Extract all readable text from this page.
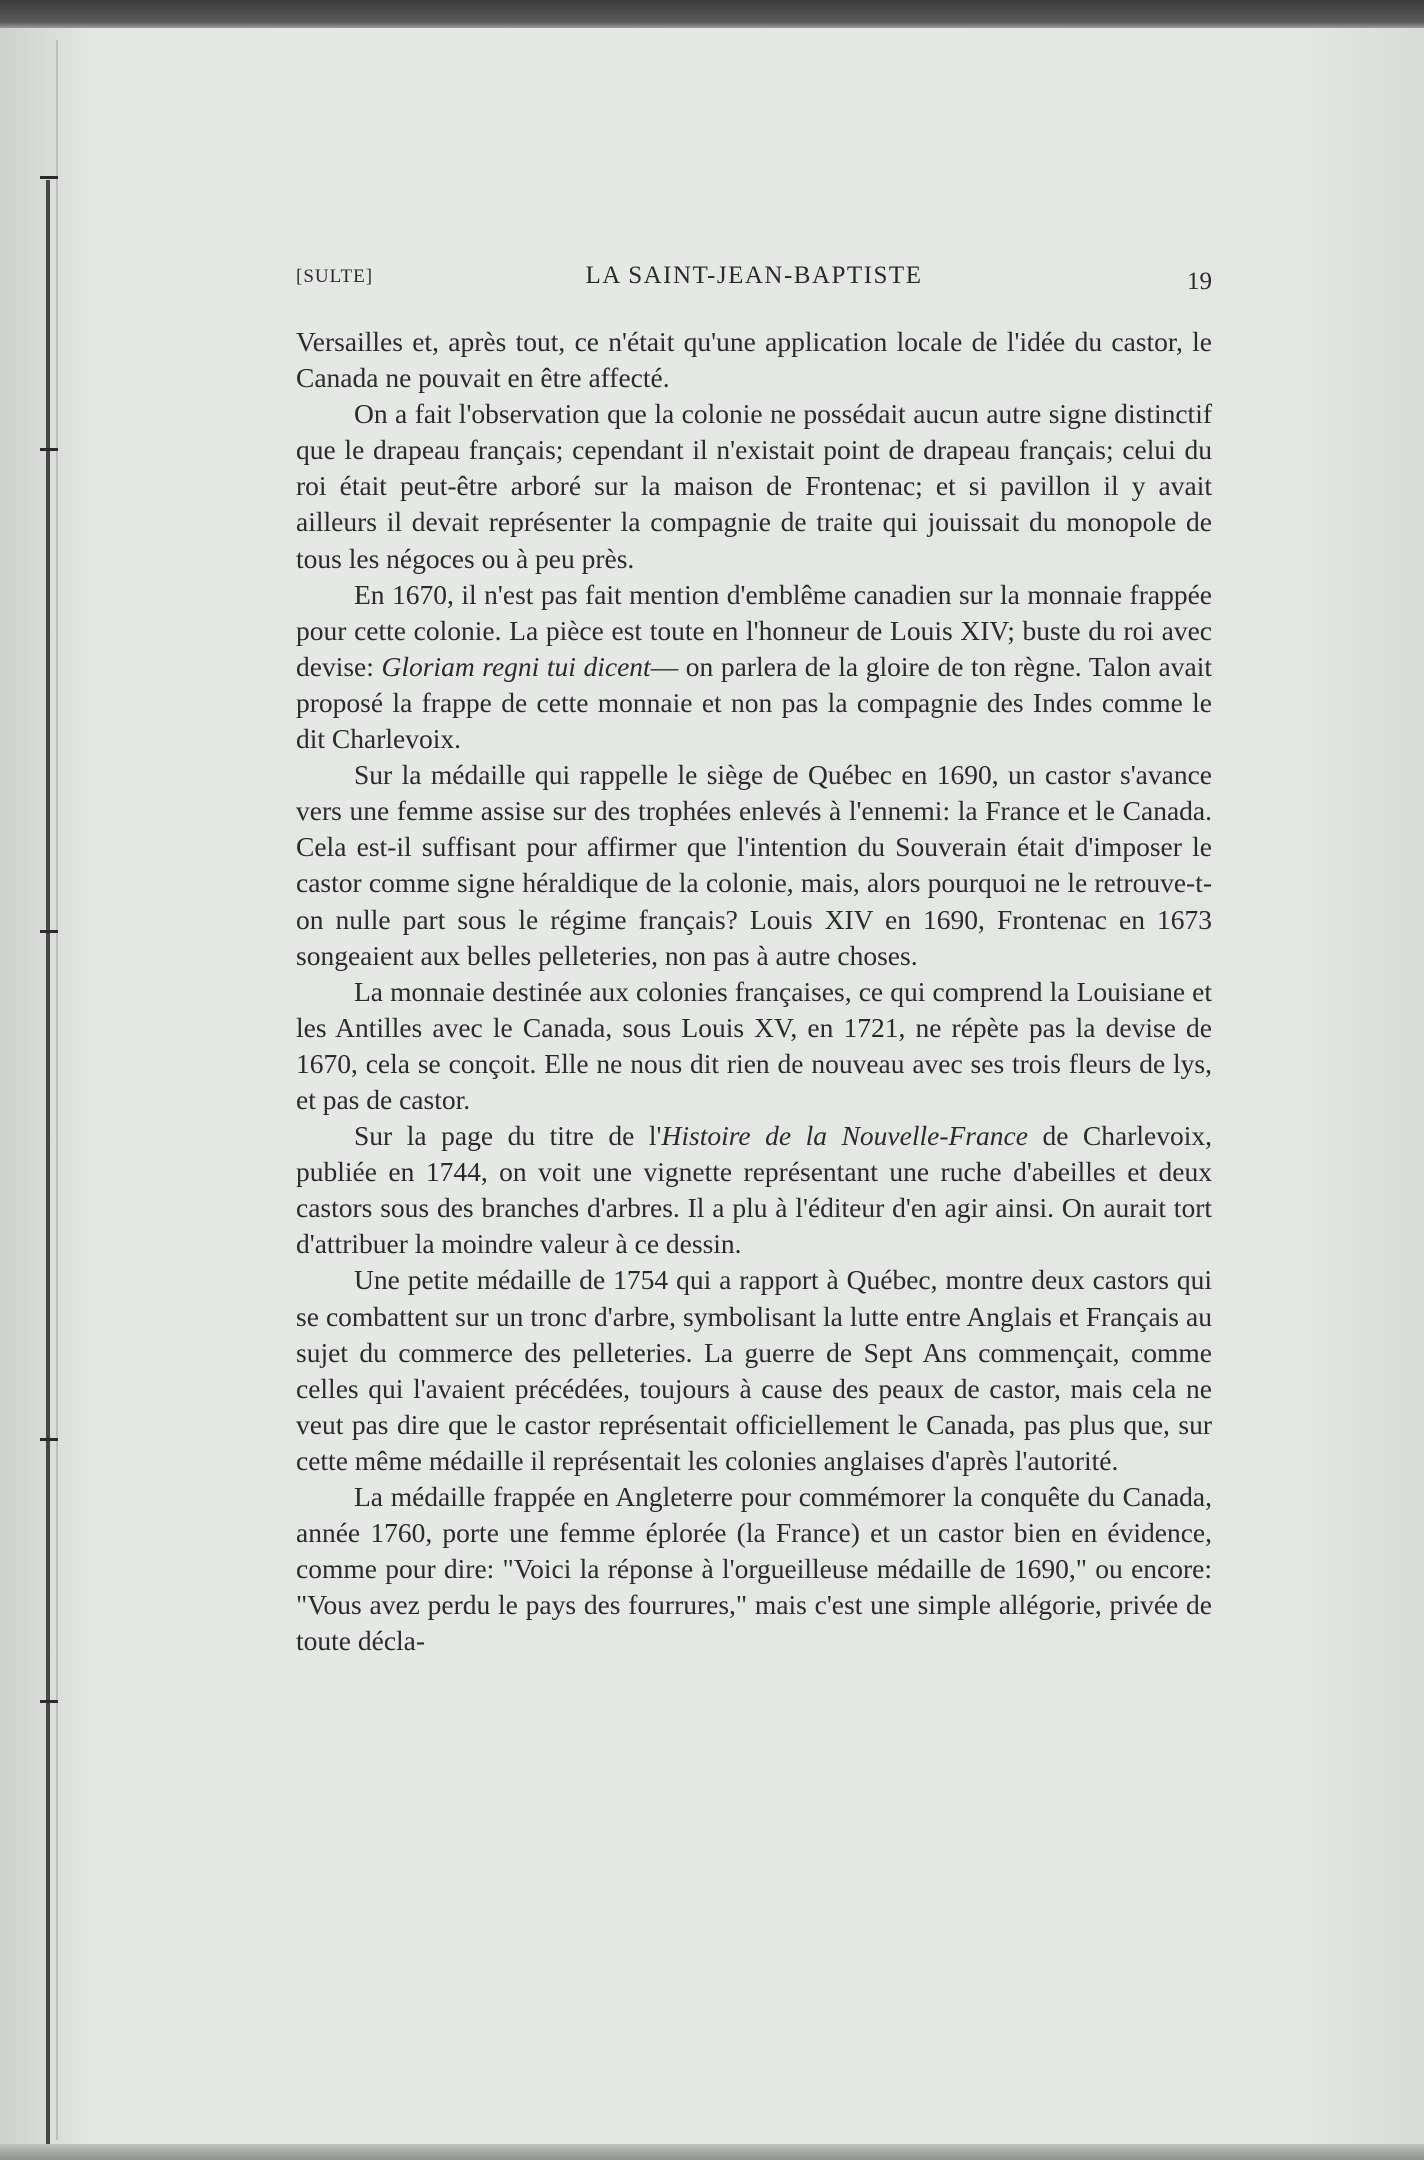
[SULTE]	LA SAINT-JEAN-BAPTISTE	19

Versailles et, après tout, ce n'était qu'une application locale de l'idée du castor, le Canada ne pouvait en être affecté.

On a fait l'observation que la colonie ne possédait aucun autre signe distinctif que le drapeau français; cependant il n'existait point de drapeau français; celui du roi était peut-être arboré sur la maison de Frontenac; et si pavillon il y avait ailleurs il devait représenter la compagnie de traite qui jouissait du monopole de tous les négoces ou à peu près.

En 1670, il n'est pas fait mention d'emblême canadien sur la monnaie frappée pour cette colonie. La pièce est toute en l'honneur de Louis XIV; buste du roi avec devise: Gloriam regni tui dicent— on parlera de la gloire de ton règne. Talon avait proposé la frappe de cette monnaie et non pas la compagnie des Indes comme le dit Charlevoix.

Sur la médaille qui rappelle le siège de Québec en 1690, un castor s'avance vers une femme assise sur des trophées enlevés à l'ennemi: la France et le Canada. Cela est-il suffisant pour affirmer que l'intention du Souverain était d'imposer le castor comme signe héraldique de la colonie, mais, alors pourquoi ne le retrouve-t-on nulle part sous le régime français? Louis XIV en 1690, Frontenac en 1673 songeaient aux belles pelleteries, non pas à autre choses.

La monnaie destinée aux colonies françaises, ce qui comprend la Louisiane et les Antilles avec le Canada, sous Louis XV, en 1721, ne répète pas la devise de 1670, cela se conçoit. Elle ne nous dit rien de nouveau avec ses trois fleurs de lys, et pas de castor.

Sur la page du titre de l'Histoire de la Nouvelle-France de Charlevoix, publiée en 1744, on voit une vignette représentant une ruche d'abeilles et deux castors sous des branches d'arbres. Il a plu à l'éditeur d'en agir ainsi. On aurait tort d'attribuer la moindre valeur à ce dessin.

Une petite médaille de 1754 qui a rapport à Québec, montre deux castors qui se combattent sur un tronc d'arbre, symbolisant la lutte entre Anglais et Français au sujet du commerce des pelleteries. La guerre de Sept Ans commençait, comme celles qui l'avaient précédées, toujours à cause des peaux de castor, mais cela ne veut pas dire que le castor représentait officiellement le Canada, pas plus que, sur cette même médaille il représentait les colonies anglaises d'après l'autorité.

La médaille frappée en Angleterre pour commémorer la conquête du Canada, année 1760, porte une femme éplorée (la France) et un castor bien en évidence, comme pour dire: "Voici la réponse à l'orgueilleuse médaille de 1690," ou encore: "Vous avez perdu le pays des fourrures," mais c'est une simple allégorie, privée de toute décla-
